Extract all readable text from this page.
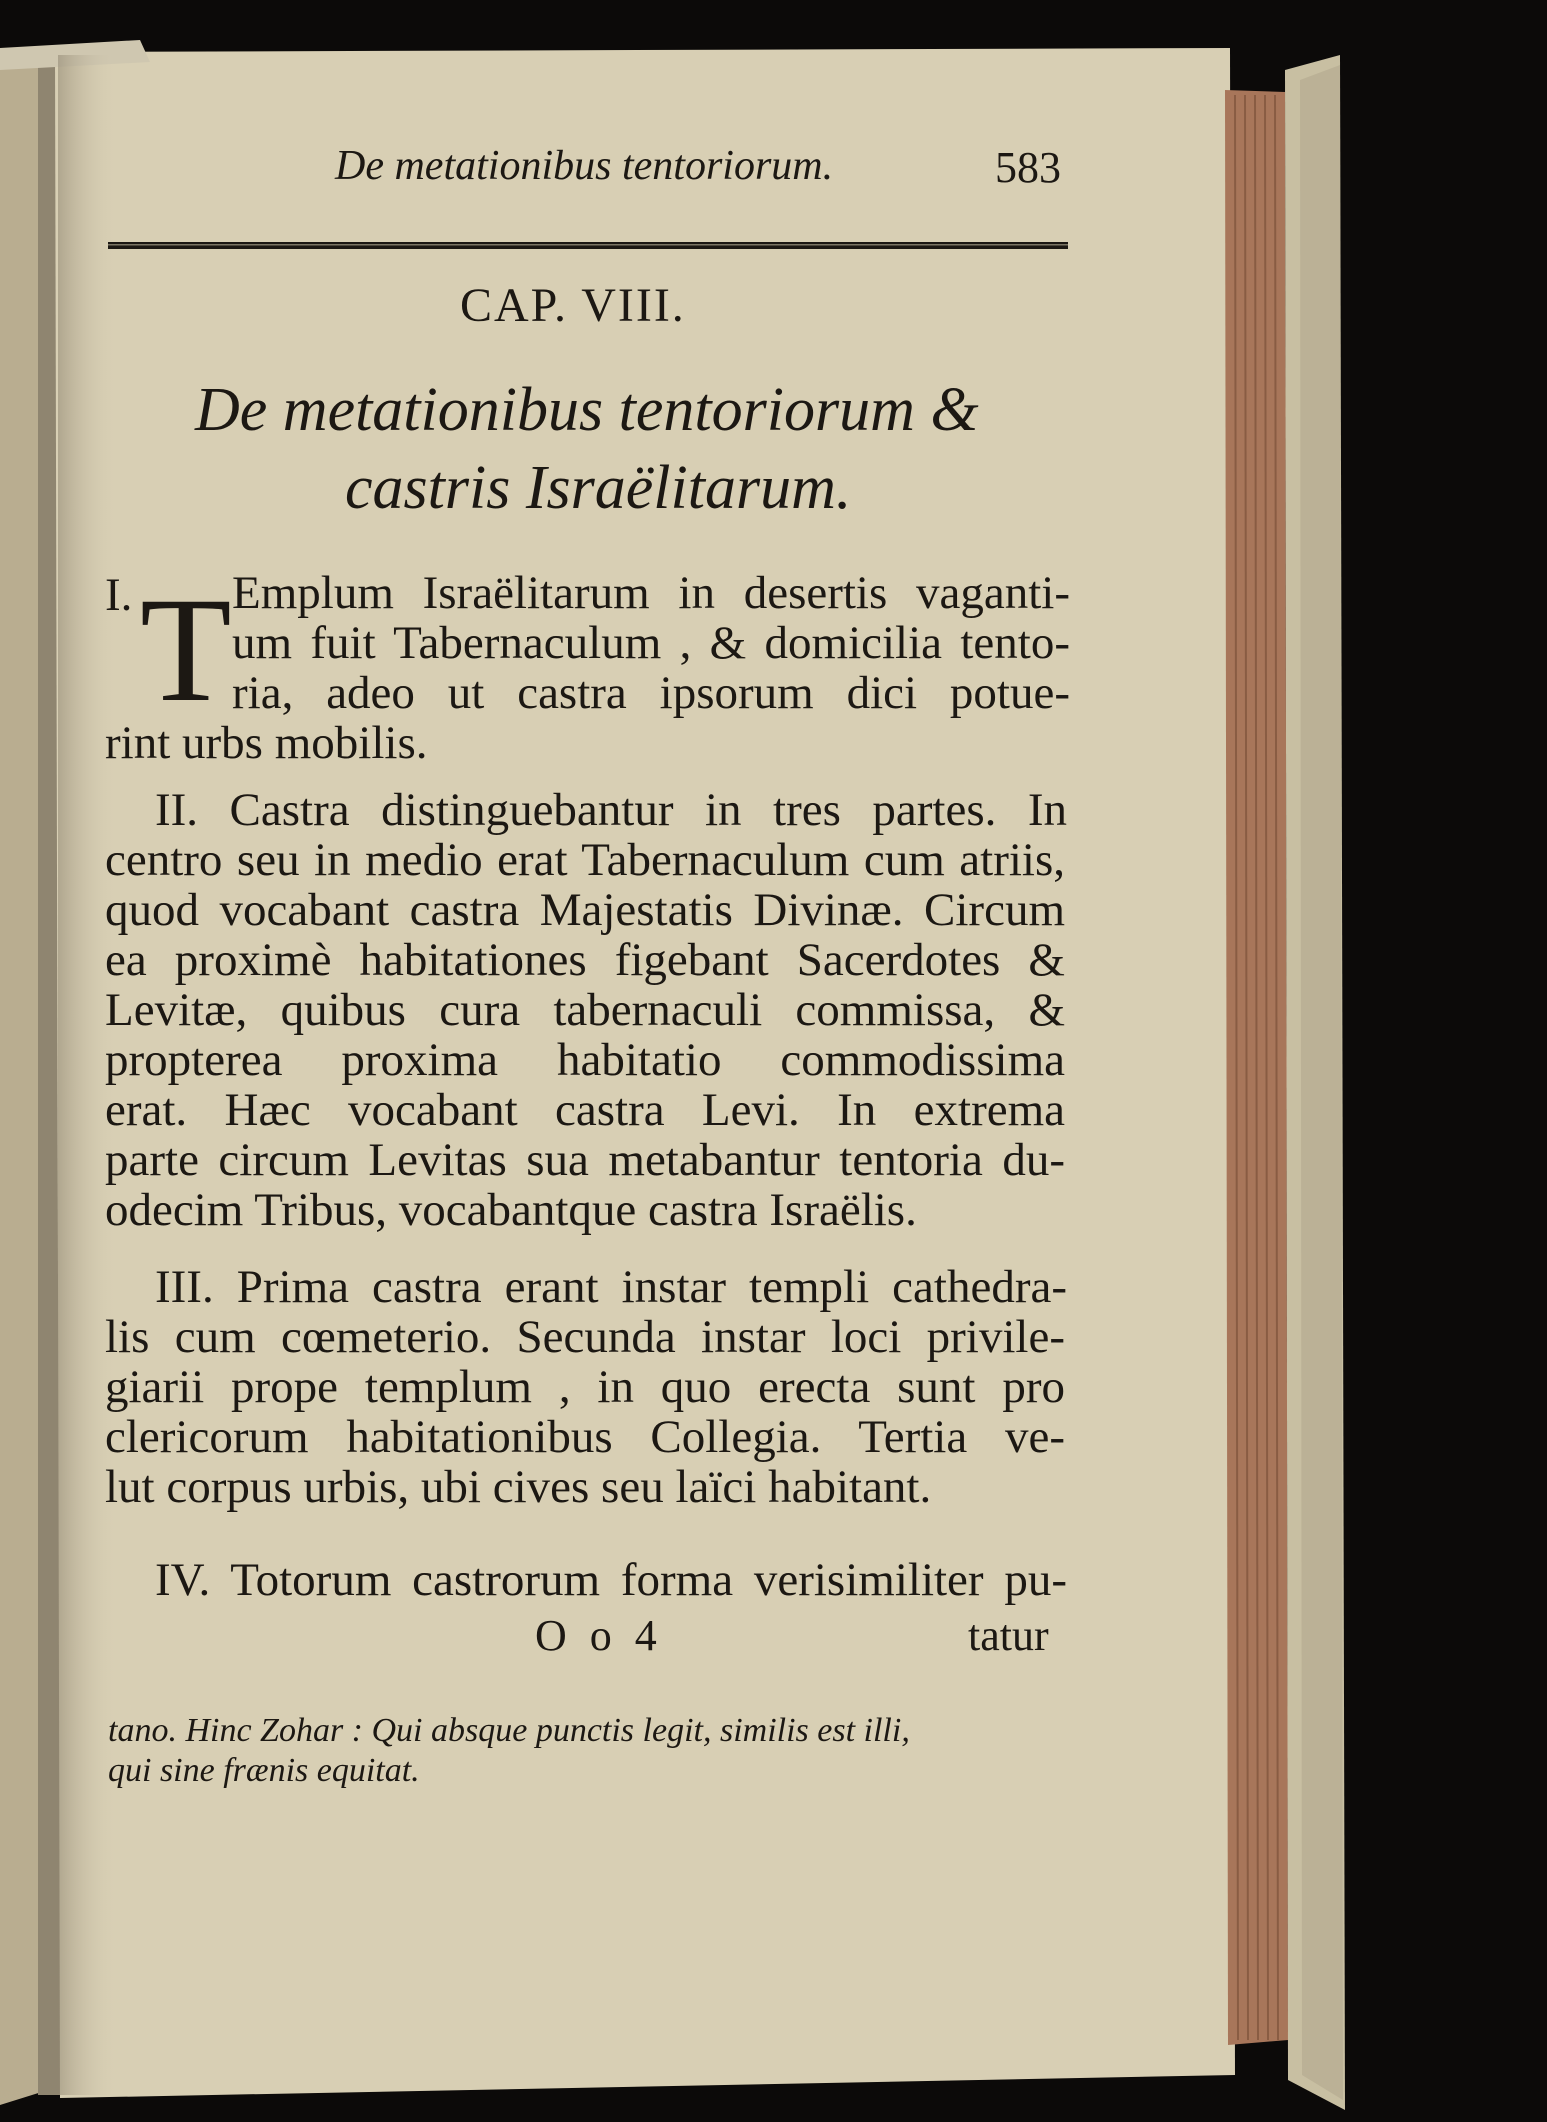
De metationibus tentoriorum.	583
CAP. VIII.
De metationibus tentoriorum &
castris Israëlitarum.
I. T Emplum Israëlitarum in desertis vaganti-
um fuit Tabernaculum , & domicilia tento-
ria, adeo ut castra ipsorum dici potue-
rint urbs mobilis.
II. Castra distinguebantur in tres partes. In
centro seu in medio erat Tabernaculum cum atriis,
quod vocabant castra Majestatis Divinæ. Circum
ea proximè habitationes figebant Sacerdotes &
Levitæ, quibus cura tabernaculi commissa, &
propterea proxima habitatio commodissima
erat. Hæc vocabant castra Levi. In extrema
parte circum Levitas sua metabantur tentoria du-
odecim Tribus, vocabantque castra Israëlis.
III. Prima castra erant instar templi cathedra-
lis cum cœmeterio. Secunda instar loci privile-
giarii prope templum , in quo erecta sunt pro
clericorum habitationibus Collegia. Tertia ve-
lut corpus urbis, ubi cives seu laïci habitant.
IV. Totorum castrorum forma verisimiliter pu-
O o 4	tatur
tano. Hinc Zohar : Qui absque punctis legit, similis est illi,
qui sine frænis equitat.
